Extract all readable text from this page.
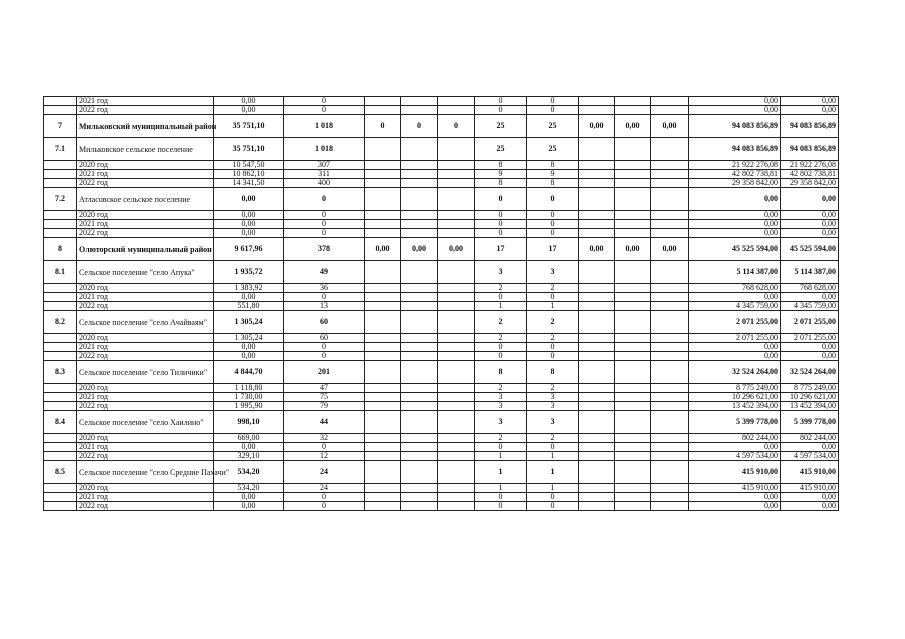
	2021 год	0,00	0				0	0				0,00	0,00
	2022 год	0,00	0				0	0				0,00	0,00
7	Мильковский муниципальный район	35 751,10	1 018	0	0	0	25	25	0,00	0,00	0,00	94 083 856,89	94 083 856,89
7.1	Мильковское сельское поселение	35 751,10	1 018				25	25				94 083 856,89	94 083 856,89
	2020 год	10 547,50	307				8	8				21 922 276,08	21 922 276,08
	2021 год	10 862,10	311				9	9				42 802 738,81	42 802 738,81
	2022 год	14 341,50	400				8	8				29 358 842,00	29 358 842,00
7.2	Атласовское сельское поселение	0,00	0				0	0				0,00	0,00
	2020 год	0,00	0				0	0				0,00	0,00
	2021 год	0,00	0				0	0				0,00	0,00
	2022 год	0,00	0				0	0				0,00	0,00
8	Олюторский муниципальный район	9 617,96	378	0,00	0,00	0,00	17	17	0,00	0,00	0,00	45 525 594,00	45 525 594,00
8.1	Сельское поселение "село Апука"	1 935,72	49				3	3				5 114 387,00	5 114 387,00
	2020 год	1 383,92	36				2	2				768 628,00	768 628,00
	2021 год	0,00	0				0	0				0,00	0,00
	2022 год	551,80	13				1	1				4 345 759,00	4 345 759,00
8.2	Сельское поселение "село Ачайваям"	1 305,24	60				2	2				2 071 255,00	2 071 255,00
	2020 год	1 305,24	60				2	2				2 071 255,00	2 071 255,00
	2021 год	0,00	0				0	0				0,00	0,00
	2022 год	0,00	0				0	0				0,00	0,00
8.3	Сельское поселение "село Тиличики"	4 844,70	201				8	8				32 524 264,00	32 524 264,00
	2020 год	1 118,80	47				2	2				8 775 249,00	8 775 249,00
	2021 год	1 730,00	75				3	3				10 296 621,00	10 296 621,00
	2022 год	1 995,90	79				3	3				13 452 394,00	13 452 394,00
8.4	Сельское поселение "село Хаилино"	998,10	44				3	3				5 399 778,00	5 399 778,00
	2020 год	669,00	32				2	2				802 244,00	802 244,00
	2021 год	0,00	0				0	0				0,00	0,00
	2022 год	329,10	12				1	1				4 597 534,00	4 597 534,00
8.5	Сельское поселение "село Средние Пахачи"	534,20	24				1	1				415 910,00	415 910,00
	2020 год	534,20	24				1	1				415 910,00	415 910,00
	2021 год	0,00	0				0	0				0,00	0,00
	2022 год	0,00	0				0	0				0,00	0,00
